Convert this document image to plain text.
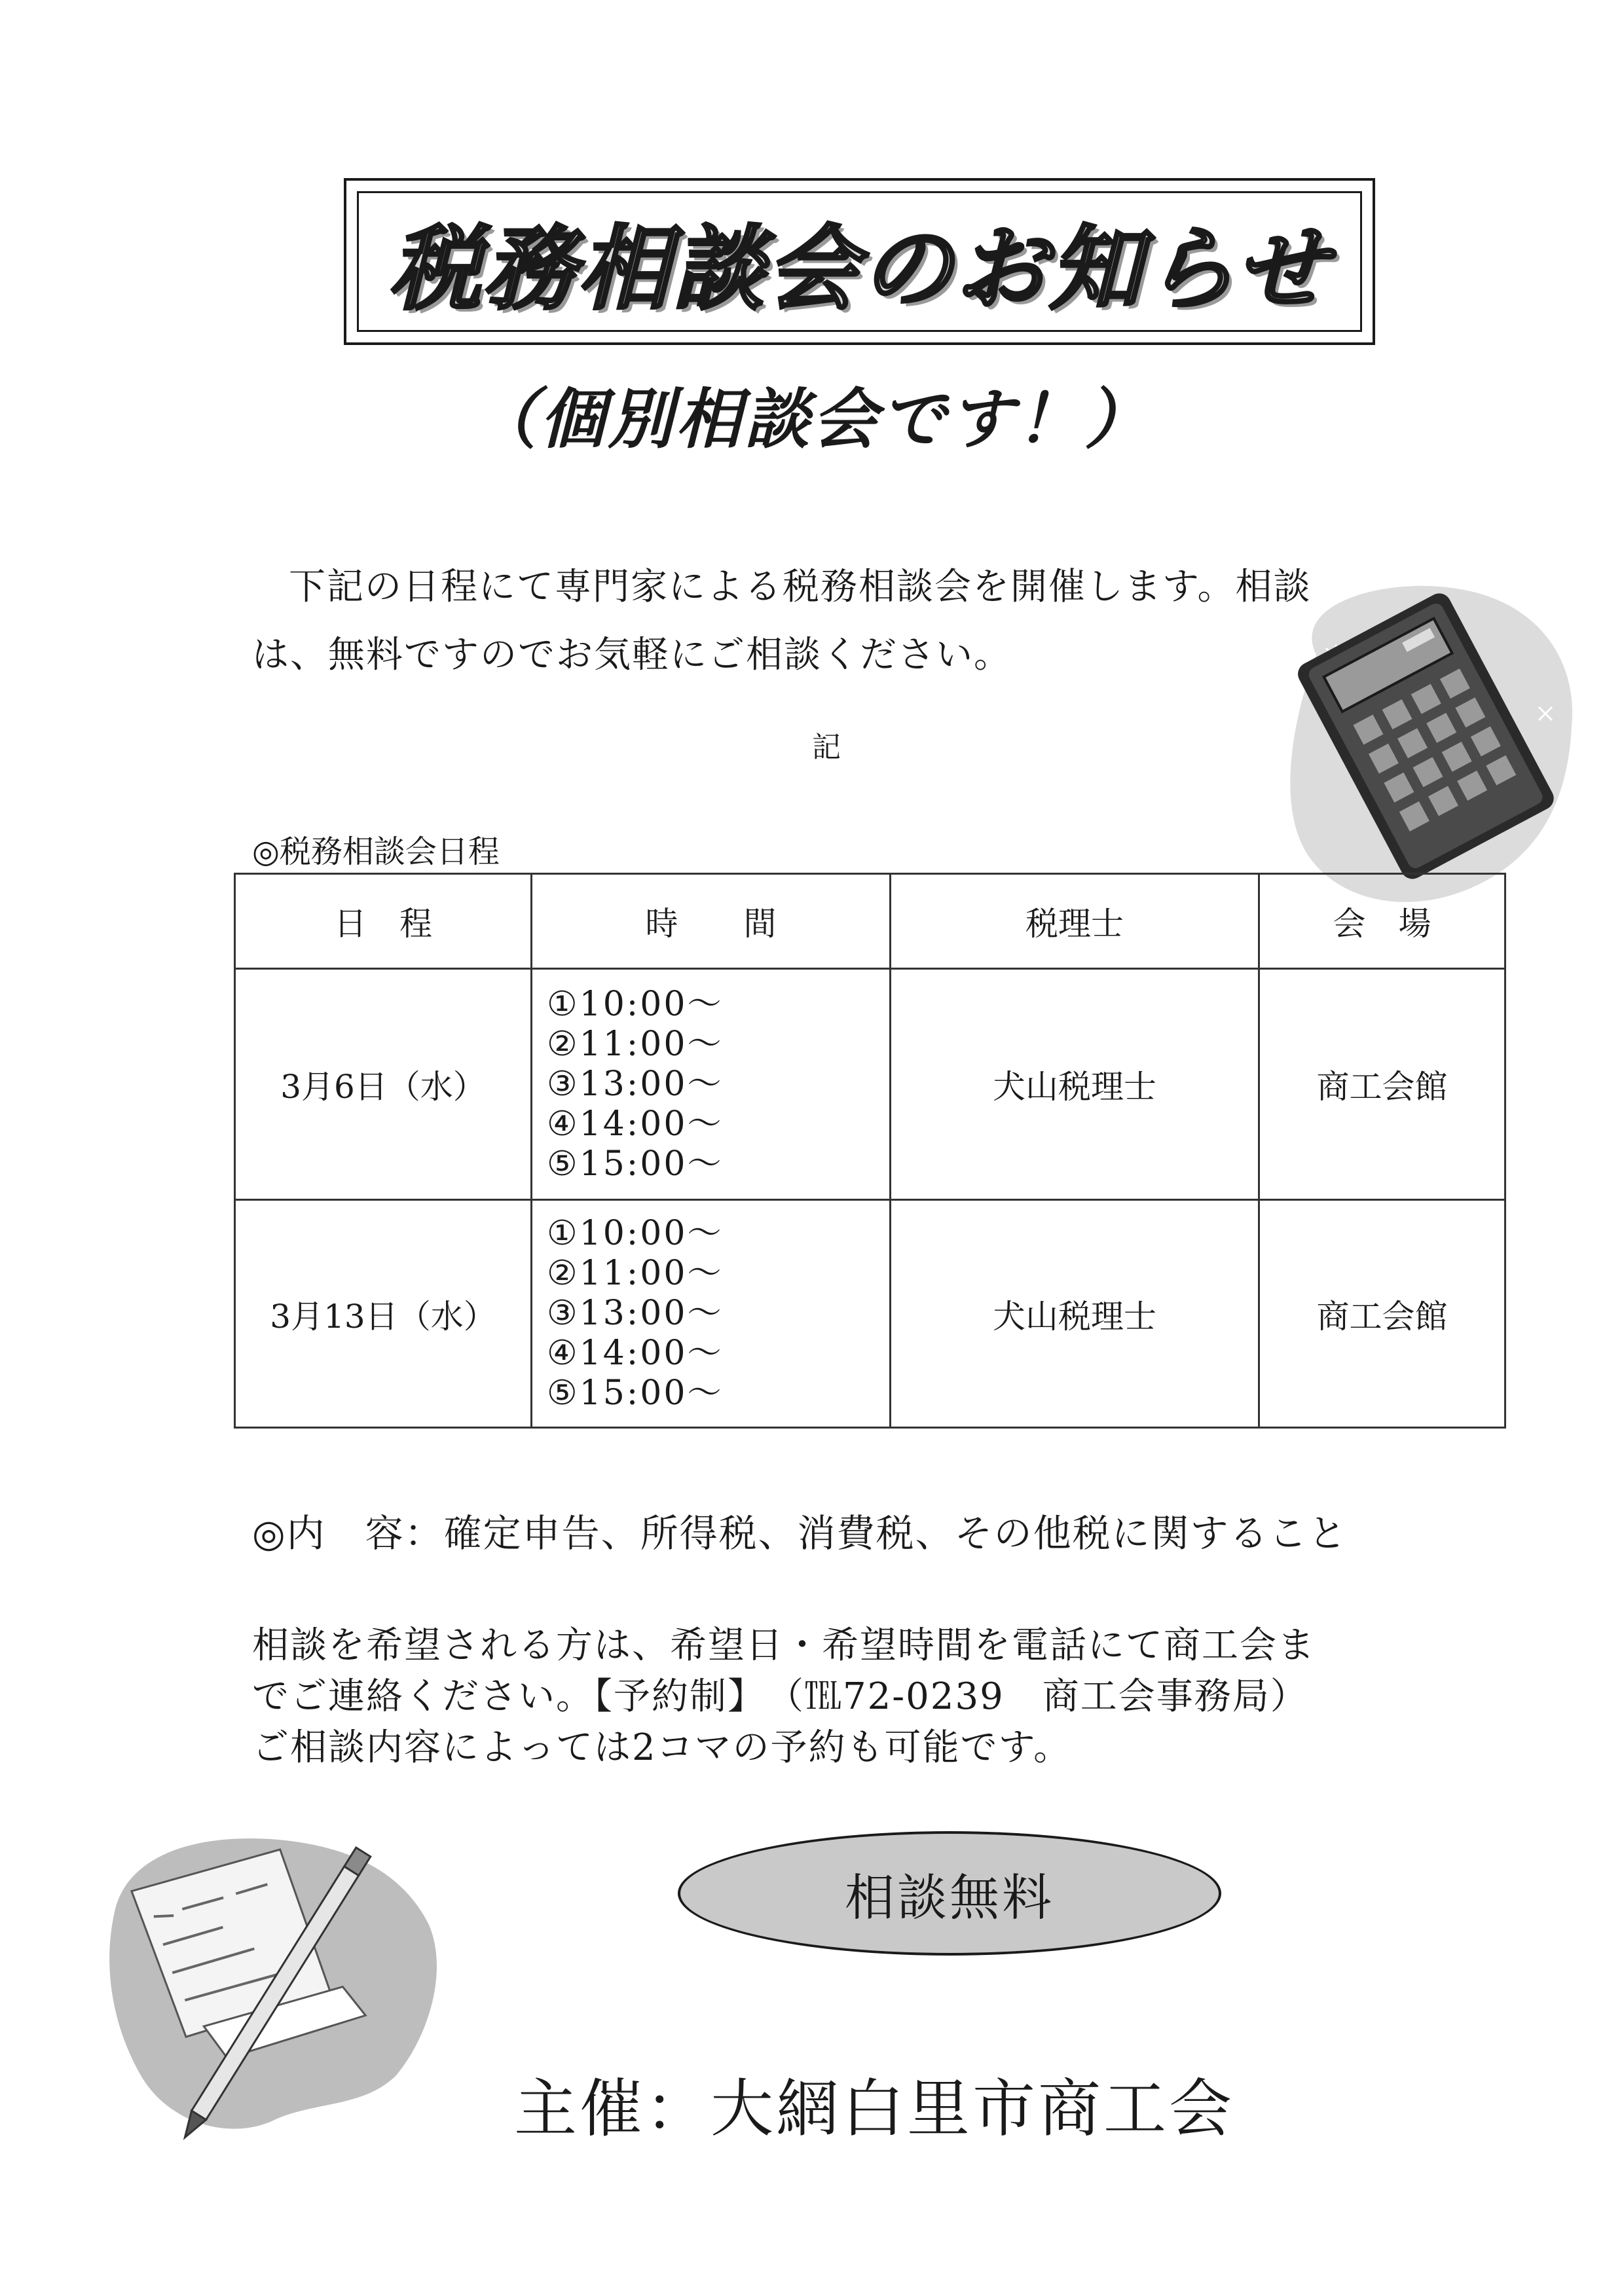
税務相談会のお知らせ
（個別相談会です！）
下記の日程にて専門家による税務相談会を開催します。相談
は、無料ですのでお気軽にご相談ください。
記
◎税務相談会日程
日　程	時　　間	税理士	会　場
3月6日（水）	①10:00～
②11:00～
③13:00～
④14:00～
⑤15:00～	犬山税理士	商工会館
3月13日（水）	①10:00～
②11:00～
③13:00～
④14:00～
⑤15:00～	犬山税理士	商工会館
◎内　容：確定申告、所得税、消費税、その他税に関すること
相談を希望される方は、希望日・希望時間を電話にて商工会ま
でご連絡ください。【予約制】　（℡72-0239　商工会事務局）
ご相談内容によっては2コマの予約も可能です。
相談無料
主催：大網白里市商工会
